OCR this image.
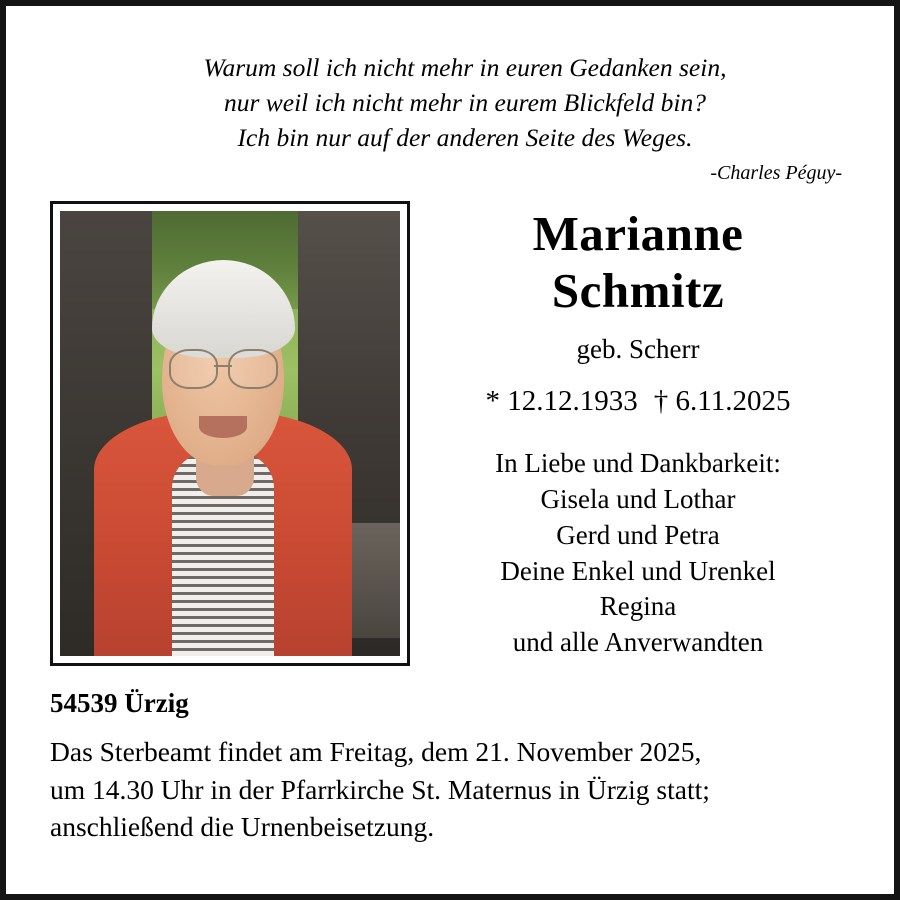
Warum soll ich nicht mehr in euren Gedanken sein,
nur weil ich nicht mehr in eurem Blickfeld bin?
Ich bin nur auf der anderen Seite des Weges.
-Charles Péguy-
Marianne
Schmitz
geb. Scherr
* 12.12.1933 † 6.11.2025
In Liebe und Dankbarkeit:
Gisela und Lothar
Gerd und Petra
Deine Enkel und Urenkel
Regina
und alle Anverwandten
54539 Ürzig
Das Sterbeamt findet am Freitag, dem 21. November 2025,
um 14.30 Uhr in der Pfarrkirche St. Maternus in Ürzig statt;
anschließend die Urnenbeisetzung.
